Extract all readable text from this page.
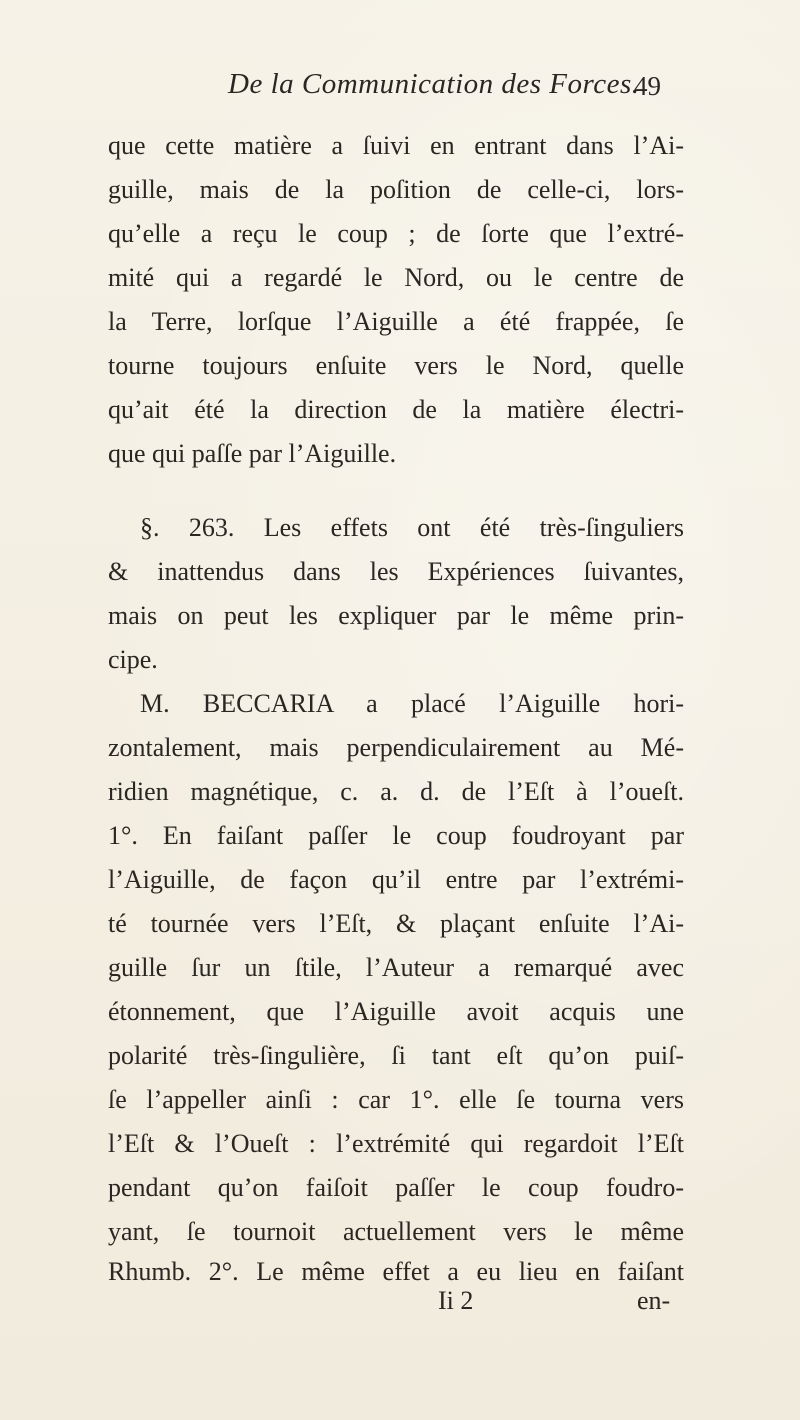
De la Communication des Forces.
49
que cette matière a ſuivi en entrant dans l’Ai-
guille, mais de la poſition de celle-ci, lors-
qu’elle a reçu le coup ; de ſorte que l’extré-
mité qui a regardé le Nord, ou le centre de
la Terre, lorſque l’Aiguille a été frappée, ſe
tourne toujours enſuite vers le Nord, quelle
qu’ait été la direction de la matière électri-
que qui paſſe par l’Aiguille.
§. 263. Les effets ont été très-ſinguliers
& inattendus dans les Expériences ſuivantes,
mais on peut les expliquer par le même prin-
cipe.
M. BECCARIA a placé l’Aiguille hori-
zontalement, mais perpendiculairement au Mé-
ridien magnétique, c. a. d. de l’Eſt à l’oueſt.
1°. En faiſant paſſer le coup foudroyant par
l’Aiguille, de façon qu’il entre par l’extrémi-
té tournée vers l’Eſt, & plaçant enſuite l’Ai-
guille ſur un ſtile, l’Auteur a remarqué avec
étonnement, que l’Aiguille avoit acquis une
polarité très-ſingulière, ſi tant eſt qu’on puiſ-
ſe l’appeller ainſi : car 1°. elle ſe tourna vers
l’Eſt & l’Oueſt : l’extrémité qui regardoit l’Eſt
pendant qu’on faiſoit paſſer le coup foudro-
yant, ſe tournoit actuellement vers le même
Rhumb. 2°. Le même effet a eu lieu en faiſant
Ii 2	en-
